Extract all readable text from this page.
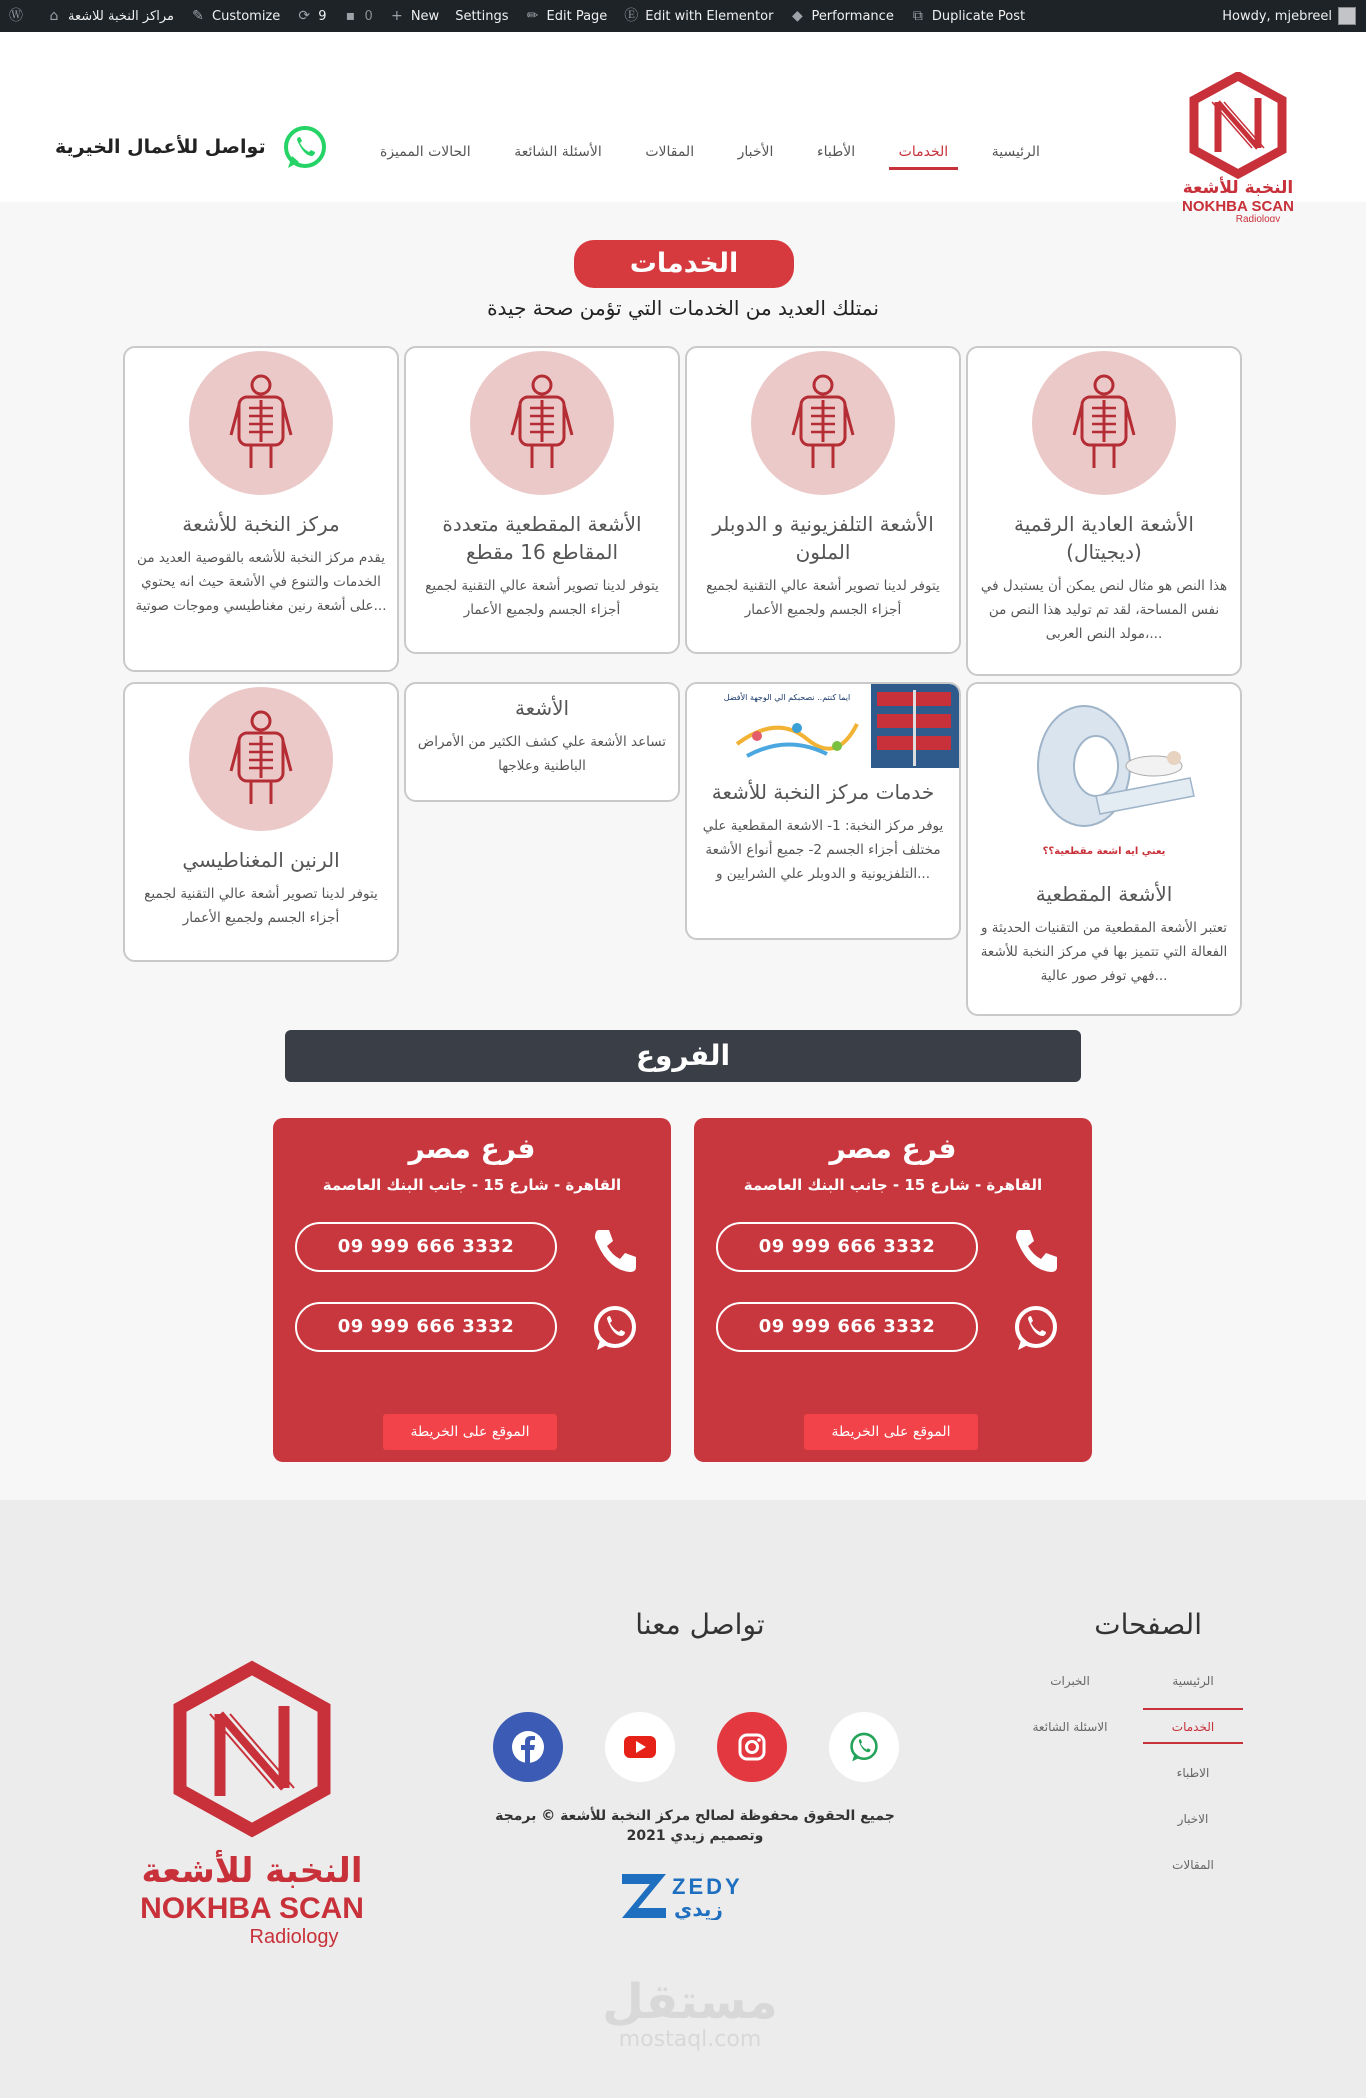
Ⓦ ⌂ مراكز النخبة للاشعة ✎ Customize ⟳ 9 ▪ 0 + New Settings ✏ Edit Page Ⓔ Edit with Elementor ◆ Performance ⧉ Duplicate Post	Howdy, mjebreel
النخبة للأشعة
NOKHBA SCAN
Radiology
الرئيسية
الخدمات
الأطباء
الأخبار
المقالات
الأسئلة الشائعة
الحالات المميزة
تواصل للأعمال الخيرية
الخدمات
نمتلك العديد من الخدمات التي تؤمن صحة جيدة
الأشعة العادية الرقمية (ديجيتال)
هذا النص هو مثال لنص يمكن أن يستبدل في نفس المساحة، لقد تم توليد هذا النص من مولد النص العربى،...
الأشعة التلفزيونية و الدوبلر الملون
يتوفر لدينا تصوير أشعة عالي التقنية لجميع أجزاء الجسم ولجميع الأعمار
الأشعة المقطعية متعددة المقاطع 16 مقطع
يتوفر لدينا تصوير أشعة عالي التقنية لجميع أجزاء الجسم ولجميع الأعمار
مركز النخبة للأشعة
يقدم مركز النخبة للأشعه بالقوصية العديد من الخدمات والتنوع في الأشعة حيث انه يحتوي على أشعة رنين مغناطيسي وموجات صوتية...
يعني ايه اشعة مقطعية؟؟
الأشعة المقطعية
تعتبر الأشعة المقطعية من التقنيات الحديثة و الفعالة التي تتميز بها في مركز النخبة للأشعة فهي توفر صور عالية...
ايما كنتم.. نصحبكم الي الوجهة الأفضل
خدمات مركز النخبة للأشعة
يوفر مركز النخبة: 1- الاشعة المقطعية علي مختلف أجزاء الجسم 2- جميع أنواع الأشعة التلفزيونية و الدوبلر علي الشرايين و...
الأشعة
تساعد الأشعة علي كشف الكثير من الأمراض الباطنية وعلاجها
الرنين المغناطيسي
يتوفر لدينا تصوير أشعة عالي التقنية لجميع أجزاء الجسم ولجميع الأعمار
الفروع
فرع مصر
القاهرة - شارع 15 - جانب البنك العاصمة
09 999 666 3332
09 999 666 3332
الموقع على الخريطة
فرع مصر
القاهرة - شارع 15 - جانب البنك العاصمة
09 999 666 3332
09 999 666 3332
الموقع على الخريطة
الصفحات
الرئيسية
الخدمات
الاطباء
الاخبار
المقالات
الخبرات
الاسئلة الشائعة
تواصل معنا
جميع الحقوق محفوظة لصالح مركز النخبة للأشعة © برمجة وتصميم زيدي 2021
ZEDY
زيدي
النخبة للأشعة
NOKHBA SCAN
Radiology
مستقل
mostaql.com
